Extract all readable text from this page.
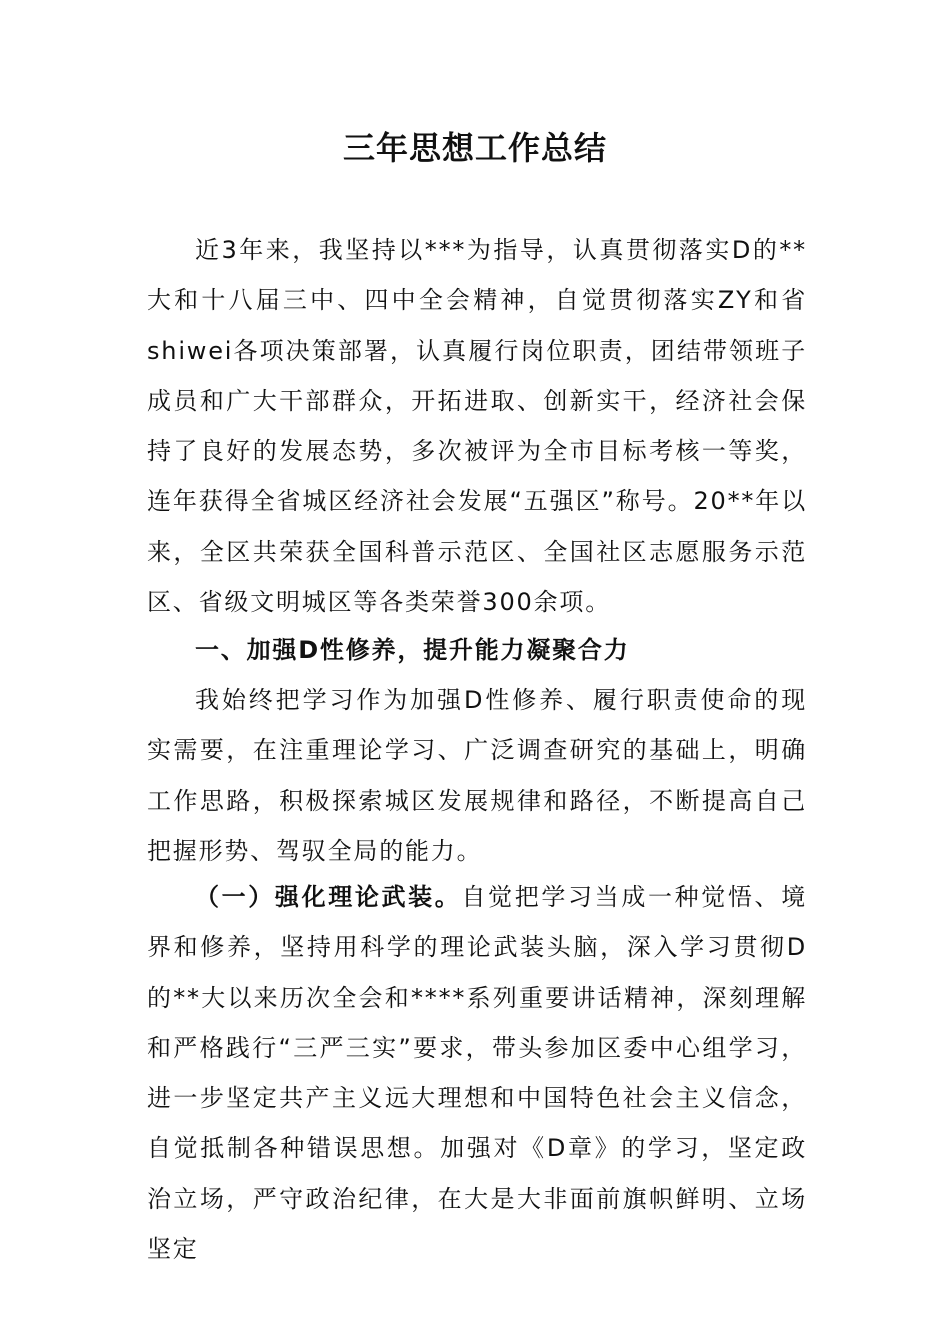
三年思想工作总结

近3年来，我坚持以***为指导，认真贯彻落实D的**大和十八届三中、四中全会精神，自觉贯彻落实ZY和省shiwei各项决策部署，认真履行岗位职责，团结带领班子成员和广大干部群众，开拓进取、创新实干，经济社会保持了良好的发展态势，多次被评为全市目标考核一等奖，连年获得全省城区经济社会发展“五强区”称号。20**年以来，全区共荣获全国科普示范区、全国社区志愿服务示范区、省级文明城区等各类荣誉300余项。

一、加强D性修养，提升能力凝聚合力

我始终把学习作为加强D性修养、履行职责使命的现实需要，在注重理论学习、广泛调查研究的基础上，明确工作思路，积极探索城区发展规律和路径，不断提高自己把握形势、驾驭全局的能力。

（一）强化理论武装。自觉把学习当成一种觉悟、境界和修养，坚持用科学的理论武装头脑，深入学习贯彻D的**大以来历次全会和****系列重要讲话精神，深刻理解和严格践行“三严三实”要求，带头参加区委中心组学习，进一步坚定共产主义远大理想和中国特色社会主义信念，自觉抵制各种错误思想。加强对《D章》的学习，坚定政治立场，严守政治纪律，在大是大非面前旗帜鲜明、立场坚定
